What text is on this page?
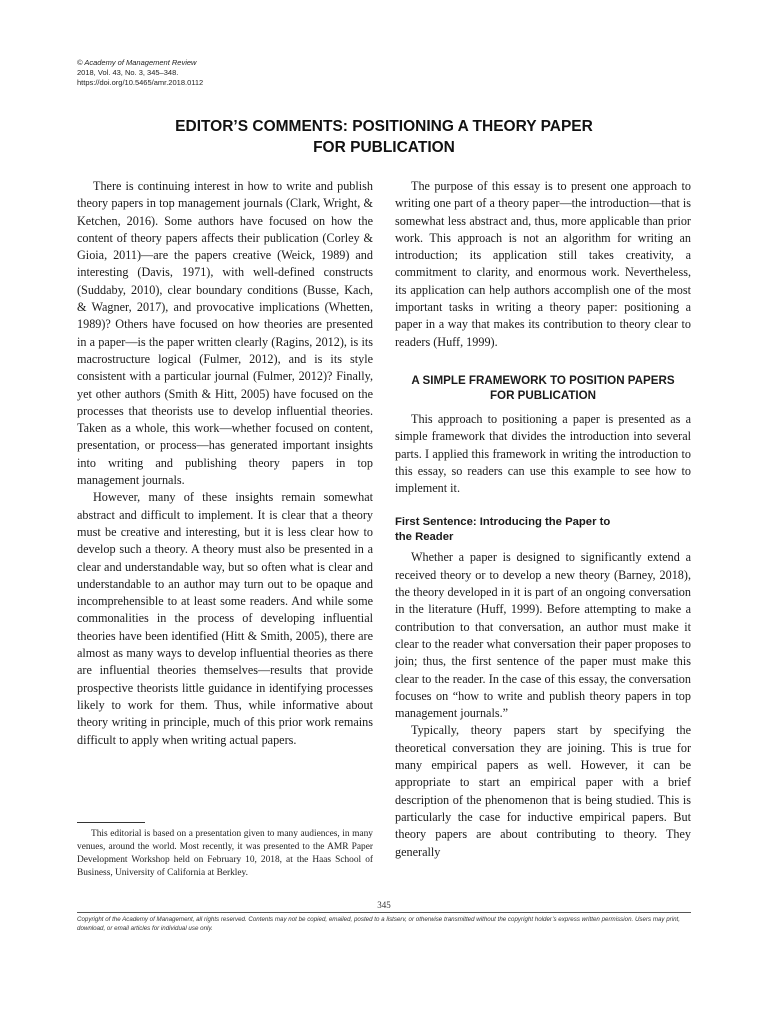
© Academy of Management Review
2018, Vol. 43, No. 3, 345–348.
https://doi.org/10.5465/amr.2018.0112
EDITOR’S COMMENTS: POSITIONING A THEORY PAPER
FOR PUBLICATION

There is continuing interest in how to write and publish theory papers in top management journals (Clark, Wright, & Ketchen, 2016). Some authors have focused on how the content of theory papers affects their publication (Corley & Gioia, 2011)—are the papers creative (Weick, 1989) and interesting (Davis, 1971), with well-defined constructs (Suddaby, 2010), clear boundary conditions (Busse, Kach, & Wagner, 2017), and provocative implications (Whetten, 1989)? Others have focused on how theories are presented in a paper—is the paper written clearly (Ragins, 2012), is its macrostructure logical (Fulmer, 2012), and is its style consistent with a particular journal (Fulmer, 2012)? Finally, yet other authors (Smith & Hitt, 2005) have focused on the processes that theorists use to develop influential theories. Taken as a whole, this work—whether focused on content, presentation, or process—has generated important insights into writing and publishing theory papers in top management journals.

However, many of these insights remain somewhat abstract and difficult to implement. It is clear that a theory must be creative and interesting, but it is less clear how to develop such a theory. A theory must also be presented in a clear and understandable way, but so often what is clear and understandable to an author may turn out to be opaque and incomprehensible to at least some readers. And while some commonalities in the process of developing influential theories have been identified (Hitt & Smith, 2005), there are almost as many ways to develop influential theories as there are influential theories themselves—results that provide prospective theorists little guidance in identifying processes likely to work for them. Thus, while informative about theory writing in principle, much of this prior work remains difficult to apply when writing actual papers.

The purpose of this essay is to present one approach to writing one part of a theory paper—the introduction—that is somewhat less abstract and, thus, more applicable than prior work. This approach is not an algorithm for writing an introduction; its application still takes creativity, a commitment to clarity, and enormous work. Nevertheless, its application can help authors accomplish one of the most important tasks in writing a theory paper: positioning a paper in a way that makes its contribution to theory clear to readers (Huff, 1999).

A SIMPLE FRAMEWORK TO POSITION PAPERS
FOR PUBLICATION

This approach to positioning a paper is presented as a simple framework that divides the introduction into several parts. I applied this framework in writing the introduction to this essay, so readers can use this example to see how to implement it.

First Sentence: Introducing the Paper to
the Reader

Whether a paper is designed to significantly extend a received theory or to develop a new theory (Barney, 2018), the theory developed in it is part of an ongoing conversation in the literature (Huff, 1999). Before attempting to make a contribution to that conversation, an author must make it clear to the reader what conversation their paper proposes to join; thus, the first sentence of the paper must make this clear to the reader. In the case of this essay, the conversation focuses on “how to write and publish theory papers in top management journals.”

Typically, theory papers start by specifying the theoretical conversation they are joining. This is true for many empirical papers as well. However, it can be appropriate to start an empirical paper with a brief description of the phenomenon that is being studied. This is particularly the case for inductive empirical papers. But theory papers are about contributing to theory. They generally

This editorial is based on a presentation given to many audiences, in many venues, around the world. Most recently, it was presented to the AMR Paper Development Workshop held on February 10, 2018, at the Haas School of Business, University of California at Berkley.
345
Copyright of the Academy of Management, all rights reserved. Contents may not be copied, emailed, posted to a listserv, or otherwise transmitted without the copyright holder’s express written permission. Users may print, download, or email articles for individual use only.
